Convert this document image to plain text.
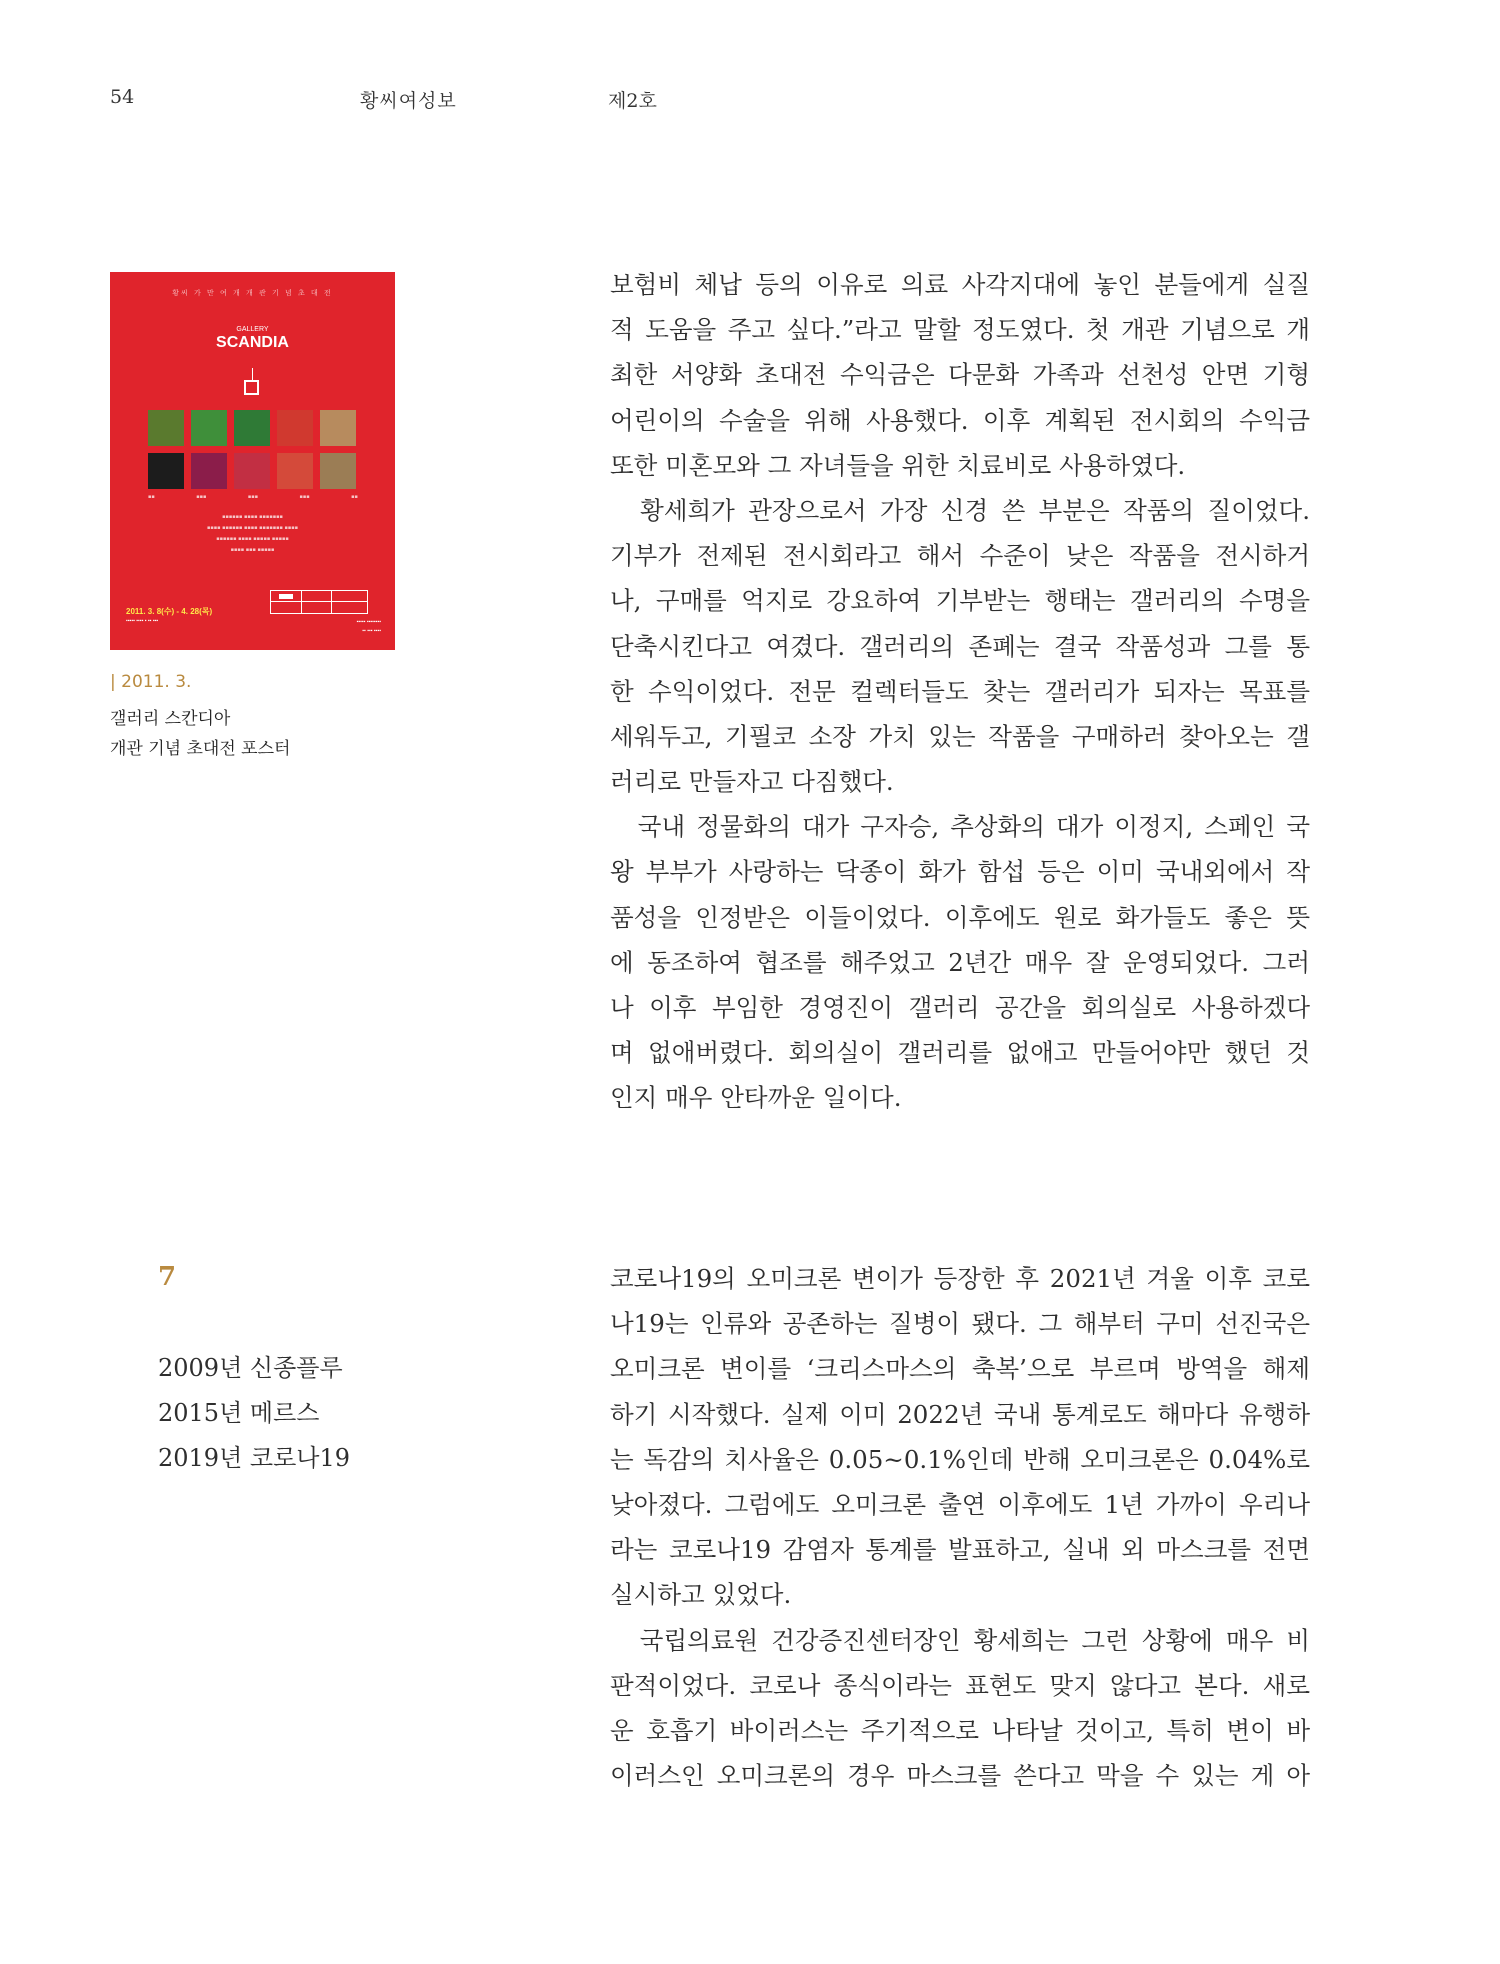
54	황씨여성보	제2호
황씨 가 만 여 개 개 관 기 념 초 대 전
GALLERY
SCANDIA
▪▪	▪▪▪	▪▪▪	▪▪▪	▪▪
▪▪▪▪▪▪ ▪▪▪▪ ▪▪▪▪▪▪▪
▪▪▪▪ ▪▪▪▪▪▪ ▪▪▪▪ ▪▪▪▪▪▪▪ ▪▪▪▪
▪▪▪▪▪▪ ▪▪▪▪ ▪▪▪▪▪ ▪▪▪▪▪
▪▪▪▪ ▪▪▪ ▪▪▪▪▪
2011. 3. 8(수) - 4. 28(목)
▪▪▪▪▪ ▪▪▪▪ ▪ ▪▪ ▪▪▪	▪▪▪▪▪ ▪▪▪▪▪▪▪▪
▪▪ ▪▪▪ ▪▪▪▪
| 2011. 3.
갤러리 스칸디아
개관 기념 초대전 포스터
보험비 체납 등의 이유로 의료 사각지대에 놓인 분들에게 실질
적 도움을 주고 싶다.”라고 말할 정도였다. 첫 개관 기념으로 개
최한 서양화 초대전 수익금은 다문화 가족과 선천성 안면 기형
어린이의 수술을 위해 사용했다. 이후 계획된 전시회의 수익금
또한 미혼모와 그 자녀들을 위한 치료비로 사용하였다.
　황세희가 관장으로서 가장 신경 쓴 부분은 작품의 질이었다.
기부가 전제된 전시회라고 해서 수준이 낮은 작품을 전시하거
나, 구매를 억지로 강요하여 기부받는 행태는 갤러리의 수명을
단축시킨다고 여겼다. 갤러리의 존폐는 결국 작품성과 그를 통
한 수익이었다. 전문 컬렉터들도 찾는 갤러리가 되자는 목표를
세워두고, 기필코 소장 가치 있는 작품을 구매하러 찾아오는 갤
러리로 만들자고 다짐했다.
　국내 정물화의 대가 구자승, 추상화의 대가 이정지, 스페인 국
왕 부부가 사랑하는 닥종이 화가 함섭 등은 이미 국내외에서 작
품성을 인정받은 이들이었다. 이후에도 원로 화가들도 좋은 뜻
에 동조하여 협조를 해주었고 2년간 매우 잘 운영되었다. 그러
나 이후 부임한 경영진이 갤러리 공간을 회의실로 사용하겠다
며 없애버렸다. 회의실이 갤러리를 없애고 만들어야만 했던 것
인지 매우 안타까운 일이다.
7
2009년 신종플루
2015년 메르스
2019년 코로나19
코로나19의 오미크론 변이가 등장한 후 2021년 겨울 이후 코로
나19는 인류와 공존하는 질병이 됐다. 그 해부터 구미 선진국은
오미크론 변이를 ‘크리스마스의 축복’으로 부르며 방역을 해제
하기 시작했다. 실제 이미 2022년 국내 통계로도 해마다 유행하
는 독감의 치사율은 0.05~0.1%인데 반해 오미크론은 0.04%로
낮아졌다. 그럼에도 오미크론 출연 이후에도 1년 가까이 우리나
라는 코로나19 감염자 통계를 발표하고, 실내 외 마스크를 전면
실시하고 있었다.
　국립의료원 건강증진센터장인 황세희는 그런 상황에 매우 비
판적이었다. 코로나 종식이라는 표현도 맞지 않다고 본다. 새로
운 호흡기 바이러스는 주기적으로 나타날 것이고, 특히 변이 바
이러스인 오미크론의 경우 마스크를 쓴다고 막을 수 있는 게 아
